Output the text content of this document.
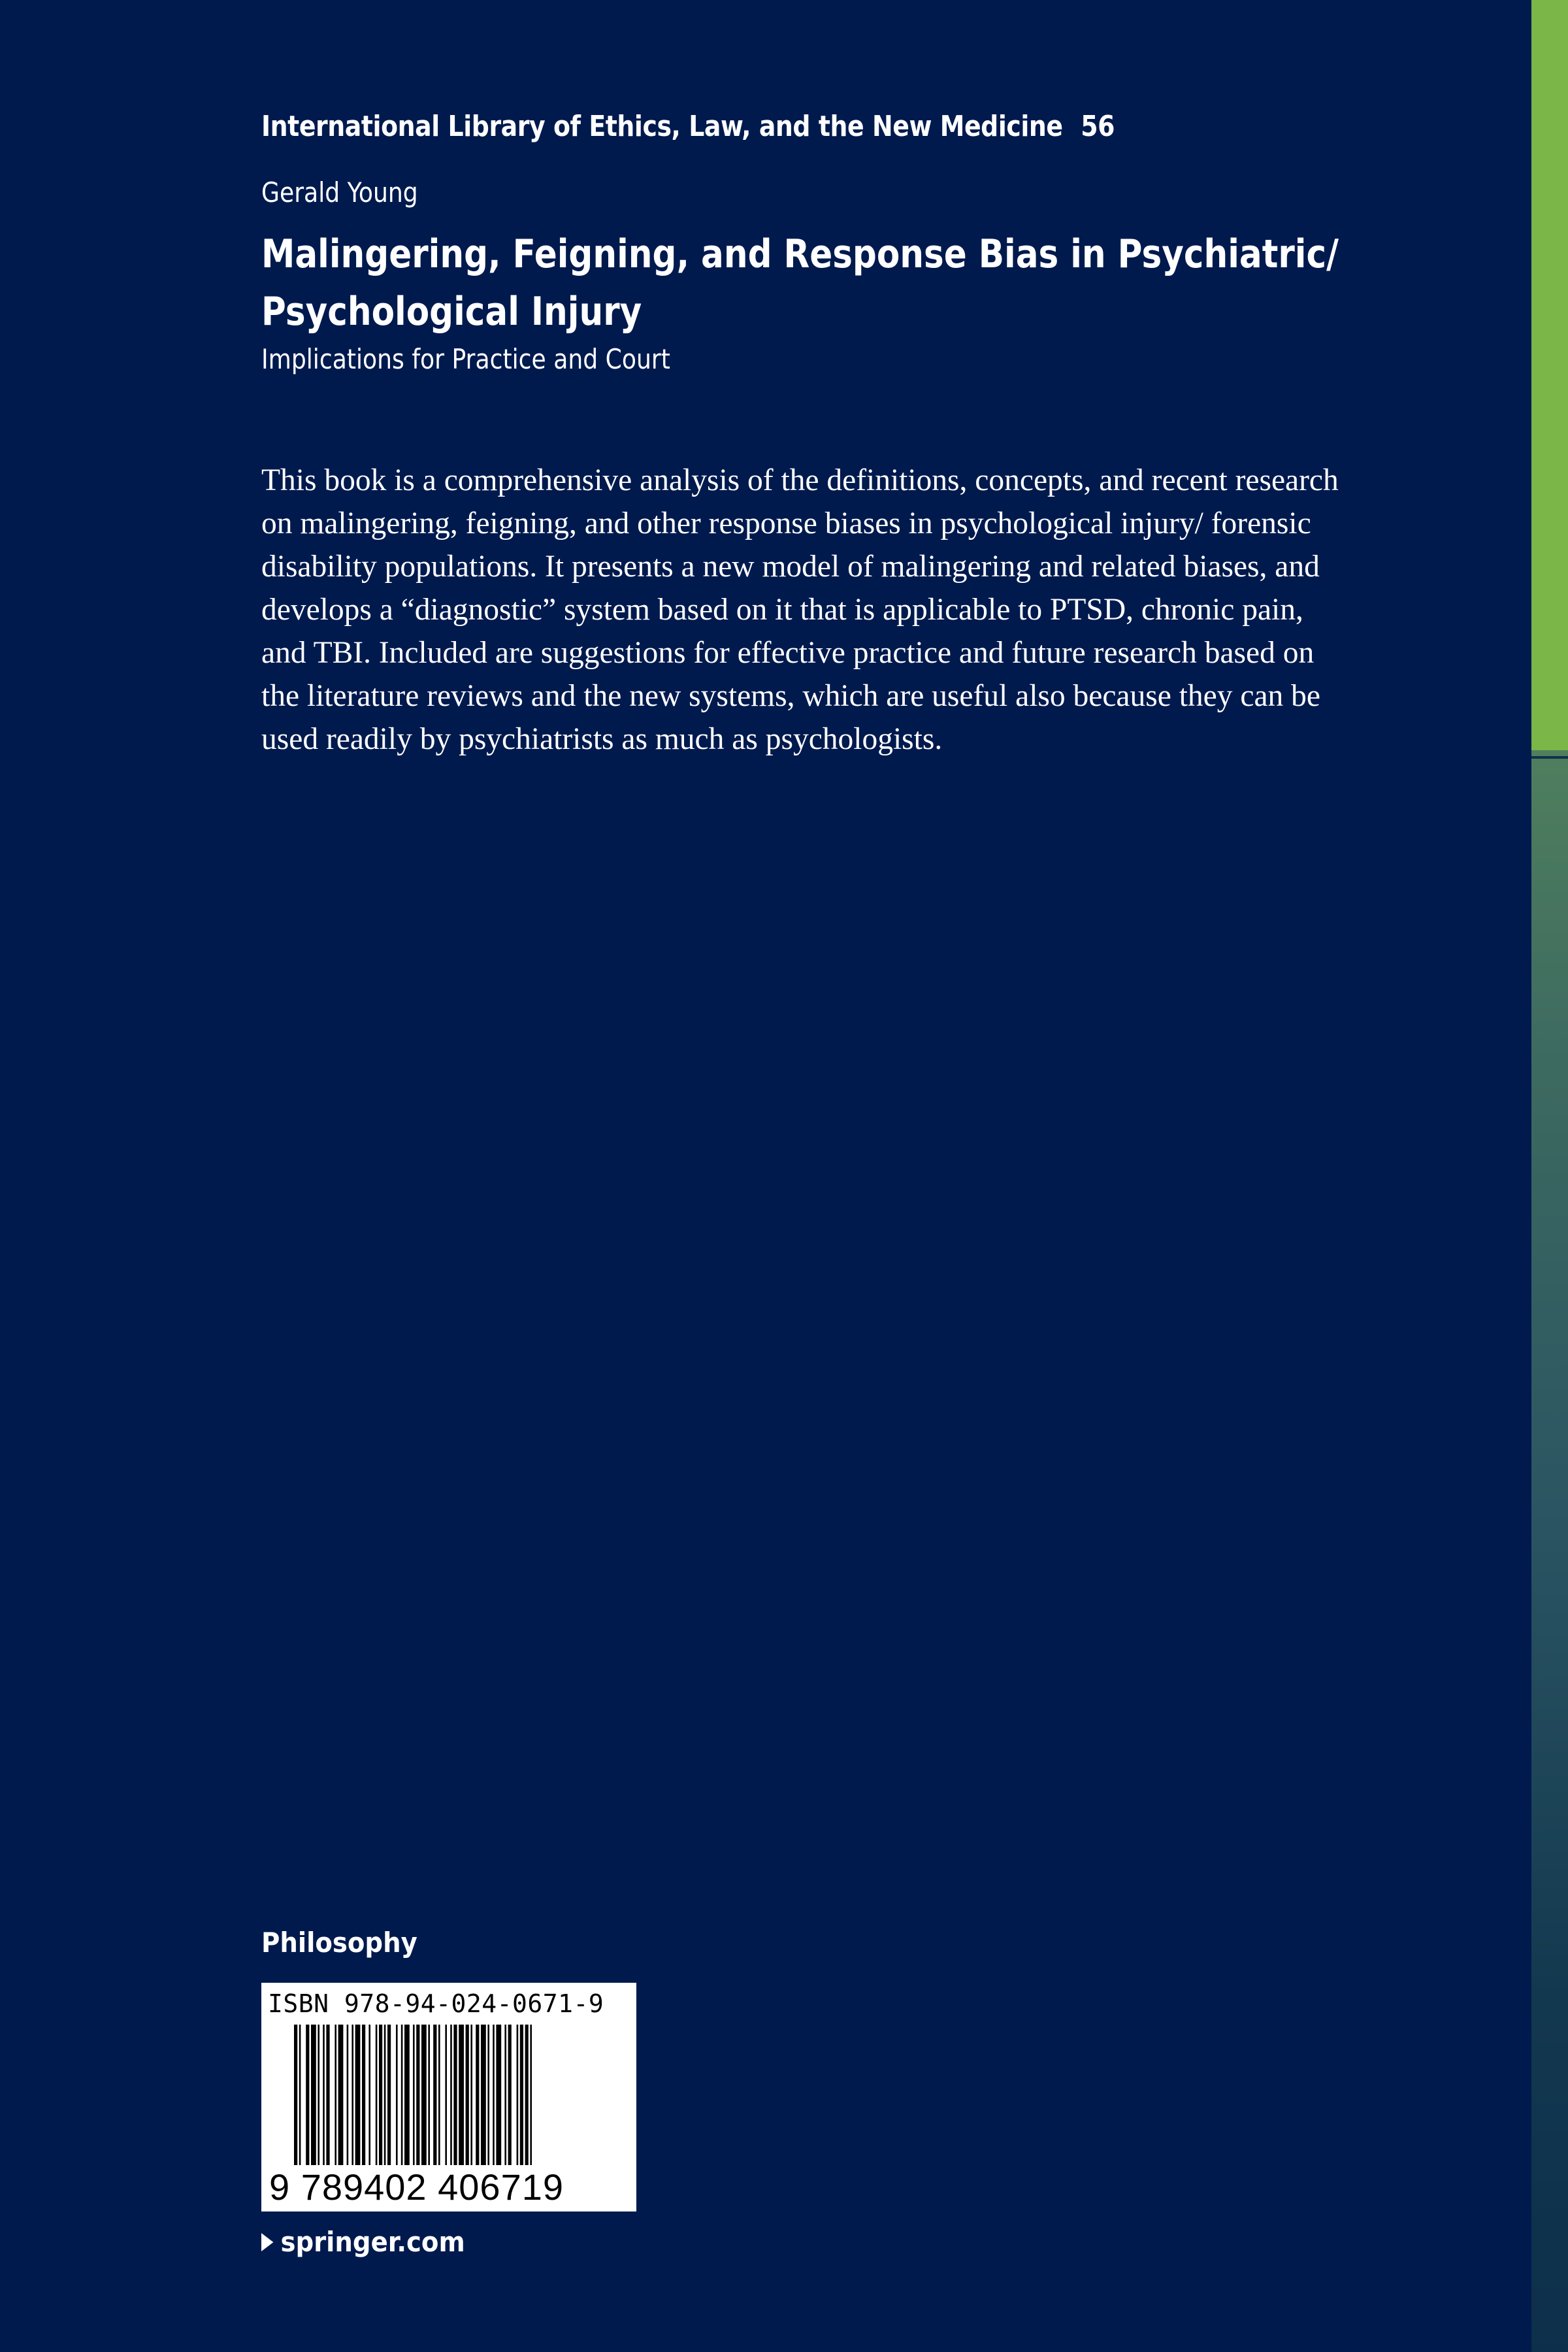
International Library of Ethics, Law, and the New Medicine 56
Gerald Young
Malingering, Feigning, and Response Bias in Psychiatric/
Psychological Injury
Implications for Practice and Court
This book is a comprehensive analysis of the definitions, concepts, and recent research
on malingering, feigning, and other response biases in psychological injury/ forensic
disability populations. It presents a new model of malingering and related biases, and
develops a “diagnostic” system based on it that is applicable to PTSD, chronic pain,
and TBI. Included are suggestions for effective practice and future research based on
the literature reviews and the new systems, which are useful also because they can be
used readily by psychiatrists as much as psychologists.
Philosophy
ISBN 978-94-024-0671-9
9 789402 406719
springer.com
